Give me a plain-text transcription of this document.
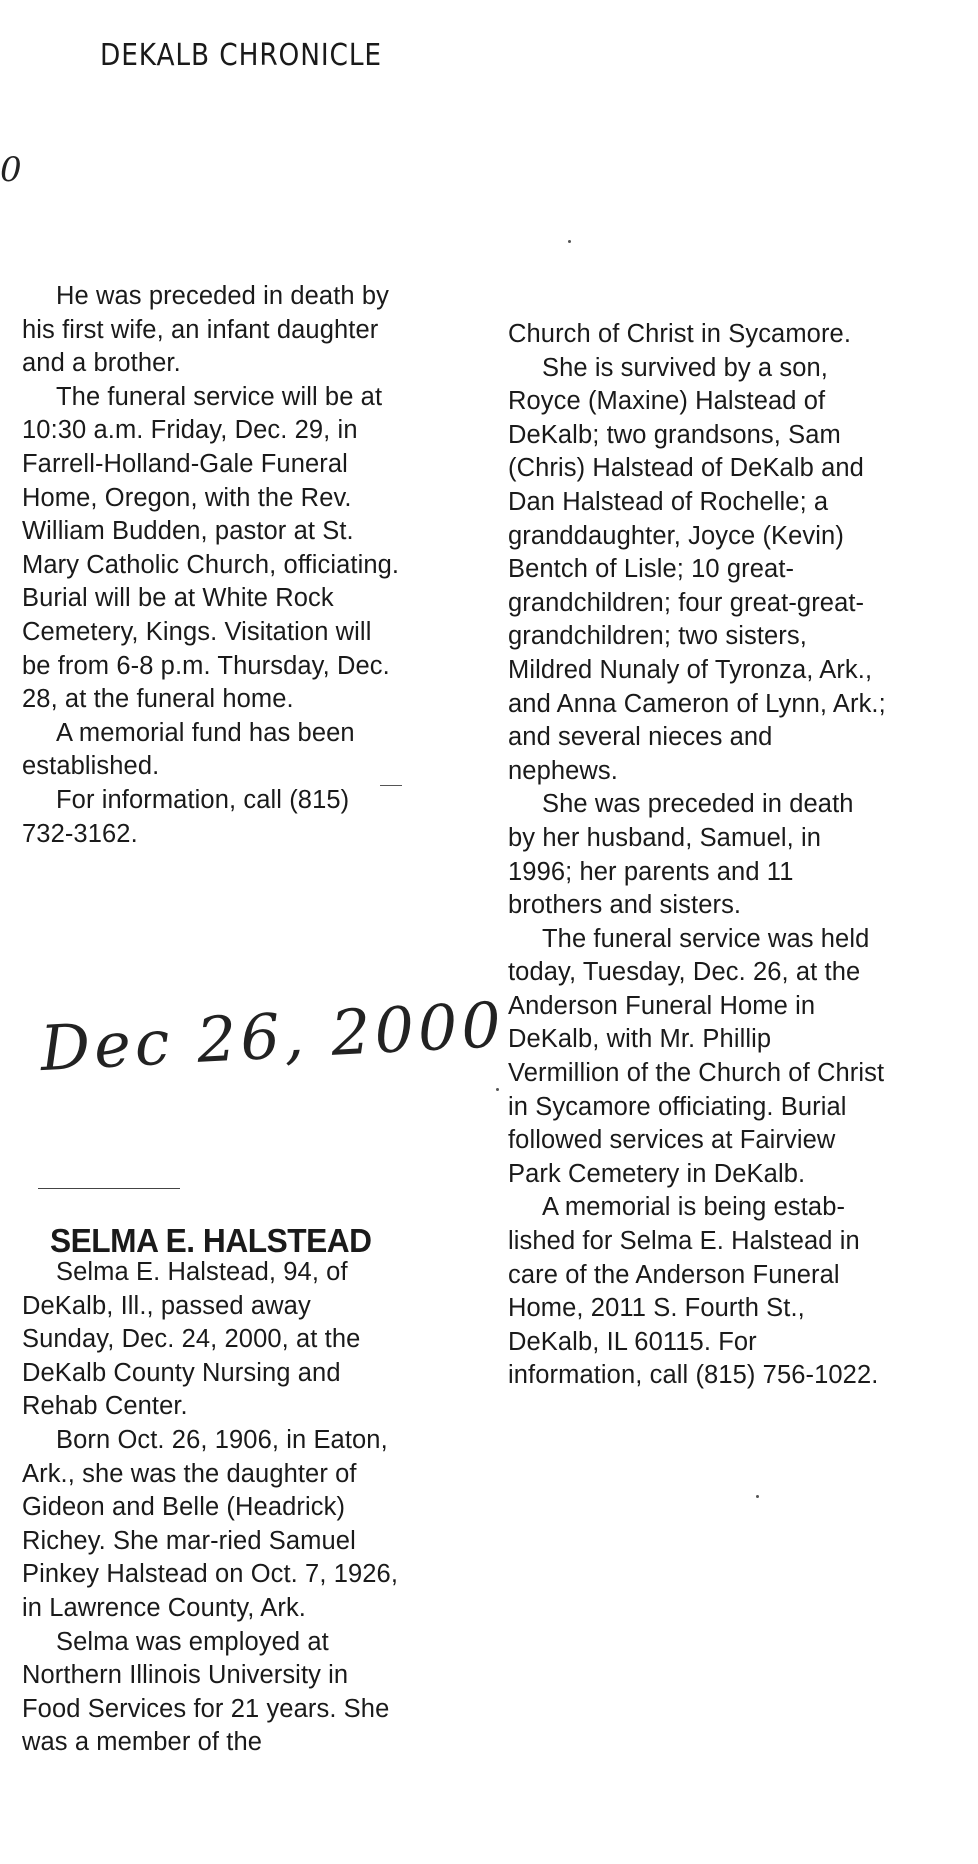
DEKALB CHRONICLE
0

He was preceded in death by his first wife, an infant daughter and a brother.

The funeral service will be at 10:30 a.m. Friday, Dec. 29, in Farrell-Holland-Gale Funeral Home, Oregon, with the Rev. William Budden, pastor at St. Mary Catholic Church, officiating. Burial will be at White Rock Cemetery, Kings. Visitation will be from 6-8 p.m. Thursday, Dec. 28, at the funeral home.

A memorial fund has been established.

For information, call (815) 732-3162.

Dec 26, 2000
SELMA E. HALSTEAD

Selma E. Halstead, 94, of DeKalb, Ill., passed away Sunday, Dec. 24, 2000, at the DeKalb County Nursing and Rehab Center.

Born Oct. 26, 1906, in Eaton, Ark., she was the daughter of Gideon and Belle (Headrick) Richey. She mar-ried Samuel Pinkey Halstead on Oct. 7, 1926, in Lawrence County, Ark.

Selma was employed at Northern Illinois University in Food Services for 21 years. She was a member of the

Church of Christ in Sycamore.

She is survived by a son, Royce (Maxine) Halstead of DeKalb; two grandsons, Sam (Chris) Halstead of DeKalb and Dan Halstead of Rochelle; a granddaughter, Joyce (Kevin) Bentch of Lisle; 10 great-grandchildren; four great-great-grandchildren; two sisters, Mildred Nunaly of Tyronza, Ark., and Anna Cameron of Lynn, Ark.; and several nieces and nephews.

She was preceded in death by her husband, Samuel, in 1996; her parents and 11 brothers and sisters.

The funeral service was held today, Tuesday, Dec. 26, at the Anderson Funeral Home in DeKalb, with Mr. Phillip Vermillion of the Church of Christ in Sycamore officiating. Burial followed services at Fairview Park Cemetery in DeKalb.

A memorial is being estab-lished for Selma E. Halstead in care of the Anderson Funeral Home, 2011 S. Fourth St., DeKalb, IL 60115. For information, call (815) 756-1022.
